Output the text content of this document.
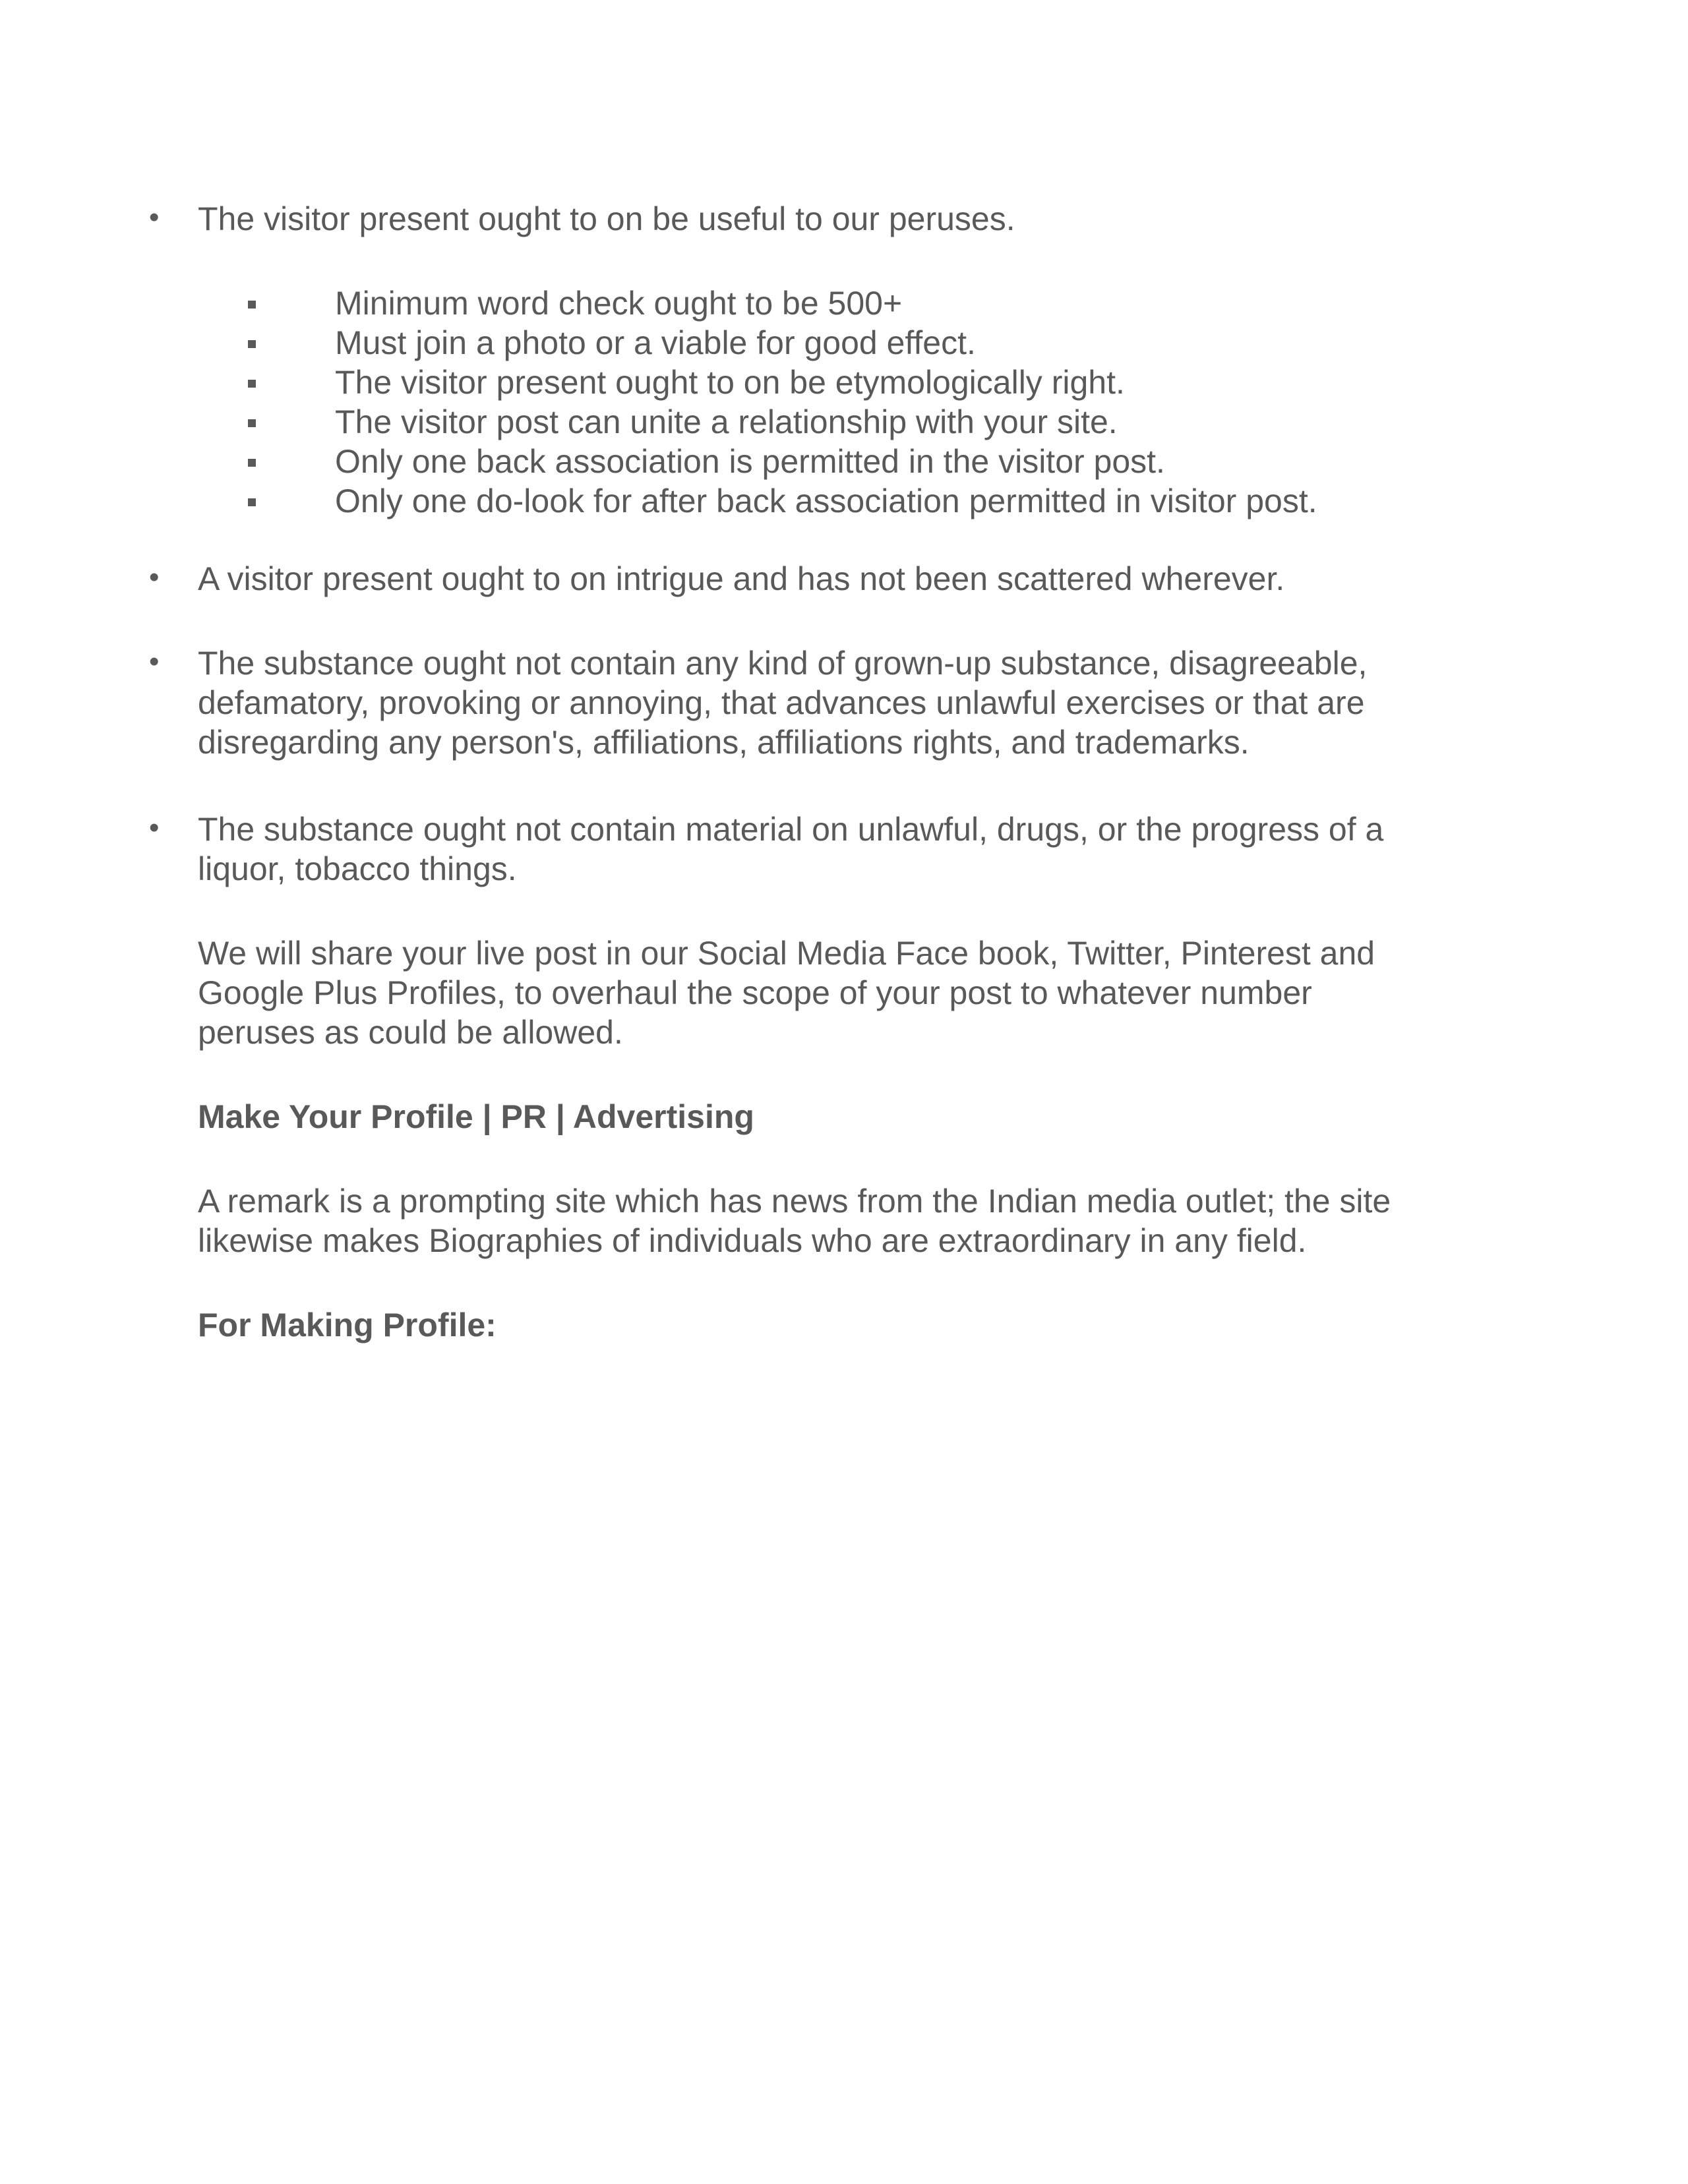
• The visitor present ought to on be useful to our peruses.
Minimum word check ought to be 500+
Must join a photo or a viable for good effect.
The visitor present ought to on be etymologically right.
The visitor post can unite a relationship with your site.
Only one back association is permitted in the visitor post.
Only one do-look for after back association permitted in visitor post.
• A visitor present ought to on intrigue and has not been scattered wherever.
• The substance ought not contain any kind of grown-up substance, disagreeable,
defamatory, provoking or annoying, that advances unlawful exercises or that are
disregarding any person's, affiliations, affiliations rights, and trademarks.
• The substance ought not contain material on unlawful, drugs, or the progress of a
liquor, tobacco things.
We will share your live post in our Social Media Face book, Twitter, Pinterest and
Google Plus Profiles, to overhaul the scope of your post to whatever number
peruses as could be allowed.
Make Your Profile | PR | Advertising
A remark is a prompting site which has news from the Indian media outlet; the site
likewise makes Biographies of individuals who are extraordinary in any field.
For Making Profile:
